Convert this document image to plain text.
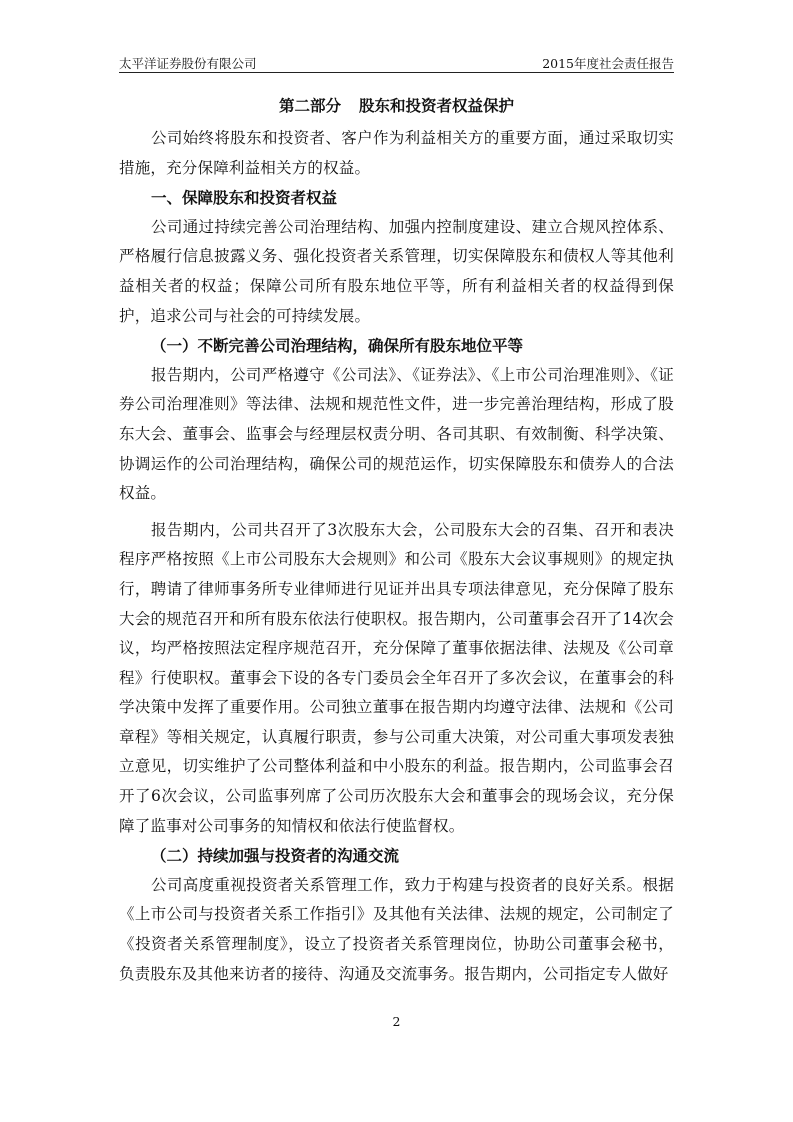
太平洋证券股份有限公司	2015年度社会责任报告
第二部分 股东和投资者权益保护

公司始终将股东和投资者、客户作为利益相关方的重要方面，通过采取切实措施，充分保障利益相关方的权益。

一、保障股东和投资者权益

公司通过持续完善公司治理结构、加强内控制度建设、建立合规风控体系、严格履行信息披露义务、强化投资者关系管理，切实保障股东和债权人等其他利益相关者的权益；保障公司所有股东地位平等，所有利益相关者的权益得到保护，追求公司与社会的可持续发展。

（一）不断完善公司治理结构，确保所有股东地位平等

报告期内，公司严格遵守《公司法》、《证券法》、《上市公司治理准则》、《证券公司治理准则》等法律、法规和规范性文件，进一步完善治理结构，形成了股东大会、董事会、监事会与经理层权责分明、各司其职、有效制衡、科学决策、协调运作的公司治理结构，确保公司的规范运作，切实保障股东和债券人的合法权益。

报告期内，公司共召开了3次股东大会，公司股东大会的召集、召开和表决程序严格按照《上市公司股东大会规则》和公司《股东大会议事规则》的规定执行，聘请了律师事务所专业律师进行见证并出具专项法律意见，充分保障了股东大会的规范召开和所有股东依法行使职权。报告期内，公司董事会召开了14次会议，均严格按照法定程序规范召开，充分保障了董事依据法律、法规及《公司章程》行使职权。董事会下设的各专门委员会全年召开了多次会议，在董事会的科学决策中发挥了重要作用。公司独立董事在报告期内均遵守法律、法规和《公司章程》等相关规定，认真履行职责，参与公司重大决策，对公司重大事项发表独立意见，切实维护了公司整体利益和中小股东的利益。报告期内，公司监事会召开了6次会议，公司监事列席了公司历次股东大会和董事会的现场会议，充分保障了监事对公司事务的知情权和依法行使监督权。

（二）持续加强与投资者的沟通交流

公司高度重视投资者关系管理工作，致力于构建与投资者的良好关系。根据《上市公司与投资者关系工作指引》及其他有关法律、法规的规定，公司制定了《投资者关系管理制度》，设立了投资者关系管理岗位，协助公司董事会秘书，负责股东及其他来访者的接待、沟通及交流事务。报告期内，公司指定专人做好

2
